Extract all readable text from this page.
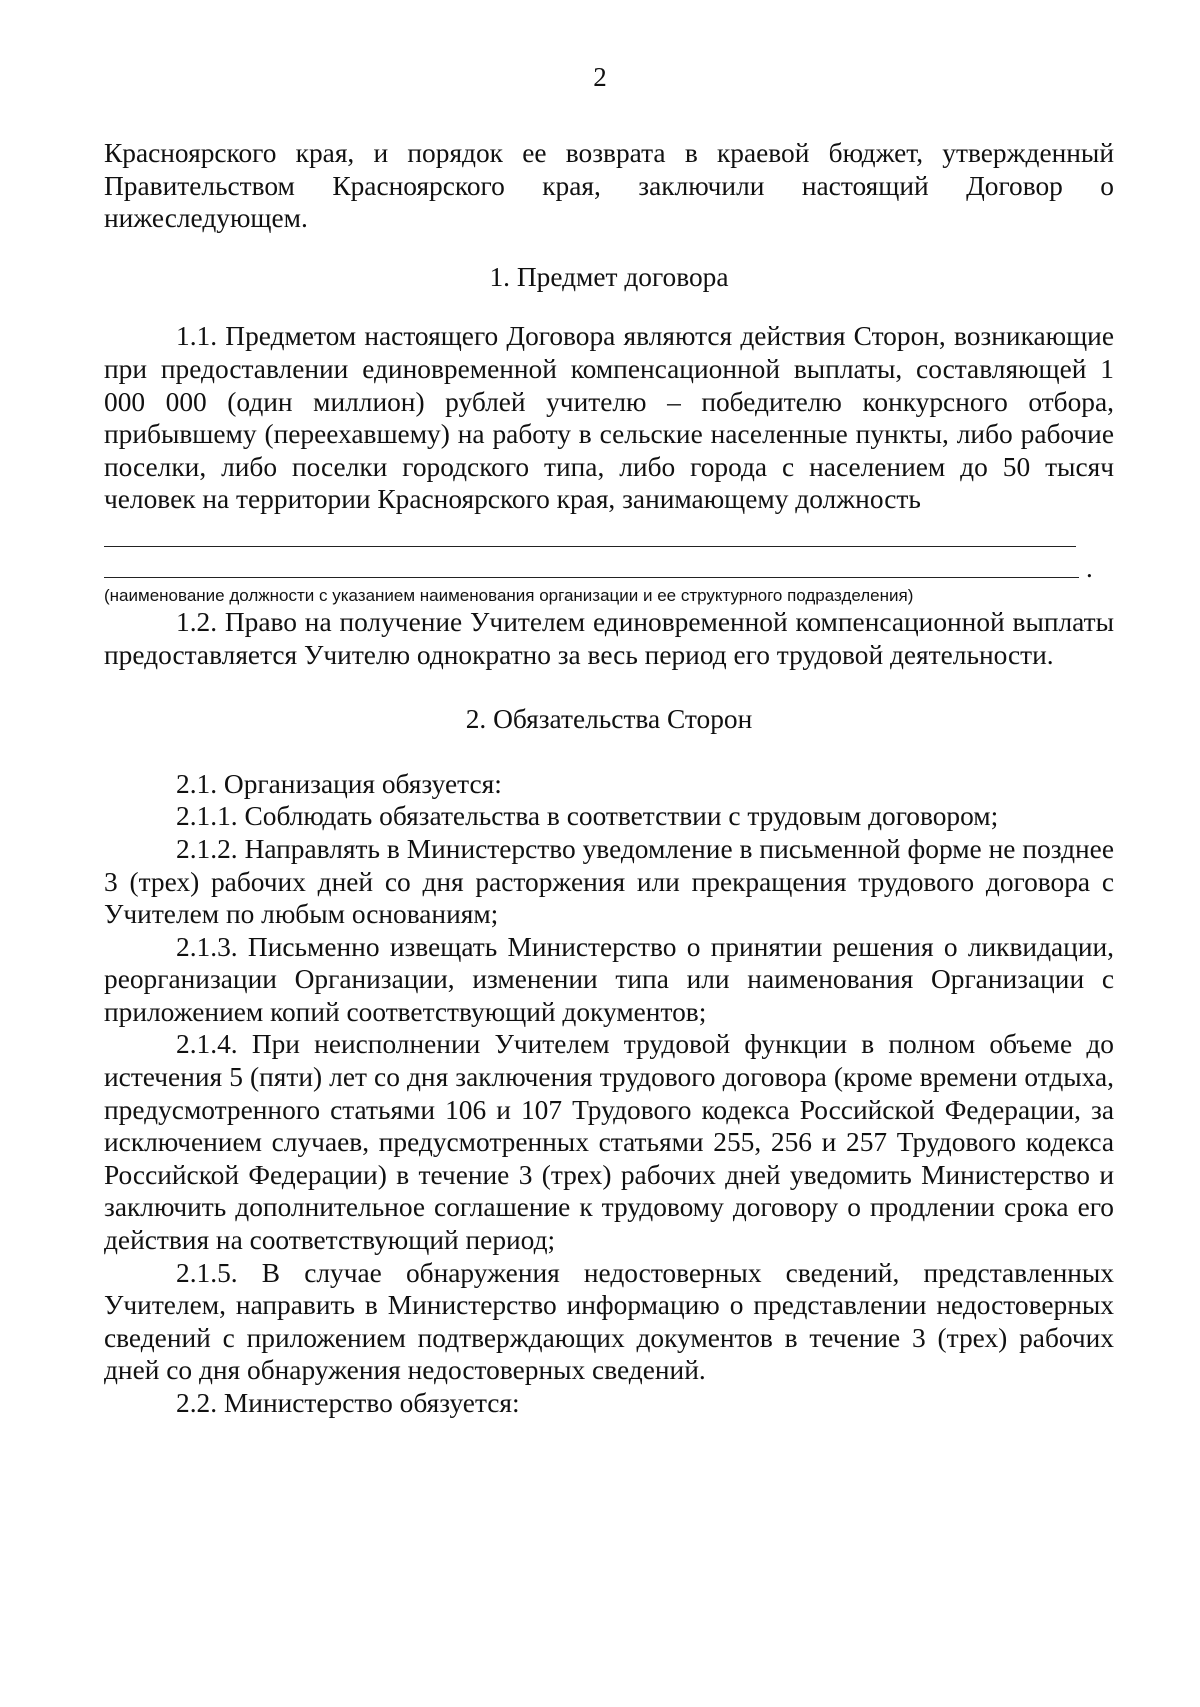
2

Красноярского края, и порядок ее возврата в краевой бюджет, утвержденный Правительством Красноярского края, заключили настоящий Договор о нижеследующем.

1. Предмет договора

1.1. Предметом настоящего Договора являются действия Сторон, возникающие при предоставлении единовременной компенсационной выплаты, составляющей 1 000 000 (один миллион) рублей учителю – победителю конкурсного отбора, прибывшему (переехавшему) на работу в сельские населенные пункты, либо рабочие поселки, либо поселки городского типа, либо города с населением до 50 тысяч человек на территории Красноярского края, занимающему должность

.
(наименование должности с указанием наименования организации и ее структурного подразделения)

1.2. Право на получение Учителем единовременной компенсационной выплаты предоставляется Учителю однократно за весь период его трудовой деятельности.

2. Обязательства Сторон

2.1. Организация обязуется:

2.1.1. Соблюдать обязательства в соответствии с трудовым договором;

2.1.2. Направлять в Министерство уведомление в письменной форме не позднее 3 (трех) рабочих дней со дня расторжения или прекращения трудового договора с Учителем по любым основаниям;

2.1.3. Письменно извещать Министерство о принятии решения о ликвидации, реорганизации Организации, изменении типа или наименования Организации с приложением копий соответствующий документов;

2.1.4. При неисполнении Учителем трудовой функции в полном объеме до истечения 5 (пяти) лет со дня заключения трудового договора (кроме времени отдыха, предусмотренного статьями 106 и 107 Трудового кодекса Российской Федерации, за исключением случаев, предусмотренных статьями 255, 256 и 257 Трудового кодекса Российской Федерации) в течение 3 (трех) рабочих дней уведомить Министерство и заключить дополнительное соглашение к трудовому договору о продлении срока его действия на соответствующий период;

2.1.5. В случае обнаружения недостоверных сведений, представленных Учителем, направить в Министерство информацию о представлении недостоверных сведений с приложением подтверждающих документов в течение 3 (трех) рабочих дней со дня обнаружения недостоверных сведений.

2.2. Министерство обязуется:
